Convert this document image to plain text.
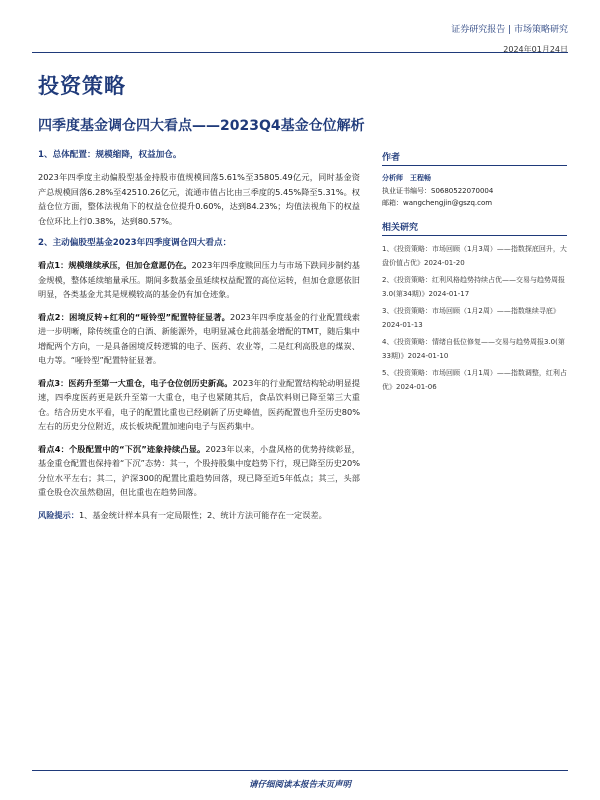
证券研究报告 | 市场策略研究
2024年01月24日
投资策略
四季度基金调仓四大看点——2023Q4基金仓位解析
1、总体配置：规模缩降，权益加仓。

2023年四季度主动偏股型基金持股市值规模回落5.61%至35805.49亿元，同时基金资产总规模回落6.28%至42510.26亿元，流通市值占比由三季度的5.45%降至5.31%。权益仓位方面，整体法视角下的权益仓位提升0.60%，达到84.23%；均值法视角下的权益仓位环比上行0.38%，达到80.57%。

2、主动偏股型基金2023年四季度调仓四大看点：

看点1：规模继续承压，但加仓意愿仍在。2023年四季度赎回压力与市场下跌同步制约基金规模，整体延续缩量承压。期间多数基金虽延续权益配置的高位运转，但加仓意愿依旧明显，各类基金尤其是规模较高的基金仍有加仓迹象。

看点2：困境反转+红利的“哑铃型”配置特征显著。2023年四季度基金的行业配置线索进一步明晰，除传统重仓的白酒、新能源外，电明显减仓此前基金增配的TMT，随后集中增配两个方向，一是具备困境反转逻辑的电子、医药、农业等，二是红利高股息的煤炭、电力等。“哑铃型”配置特征显著。

看点3：医药升至第一大重仓，电子仓位创历史新高。2023年的行业配置结构轮动明显提速，四季度医药更是跃升至第一大重仓，电子也紧随其后，食品饮料则已降至第三大重仓。结合历史水平看，电子的配置比重也已经刷新了历史峰值，医药配置也升至历史80%左右的历史分位附近，成长板块配置加速向电子与医药集中。

看点4：个股配置中的“下沉”迹象持续凸显。2023年以来，小盘风格的优势持续彰显，基金重仓配置也保持着“下沉”态势：其一，个股持股集中度趋势下行，现已降至历史20%分位水平左右；其二，沪深300的配置比重趋势回落，现已降至近5年低点；其三，头部重仓股仓次虽然稳固，但比重也在趋势回落。

风险提示：1、基金统计样本具有一定局限性；2、统计方法可能存在一定误差。

作者
分析师　王程畅
执业证书编号：S0680522070004
邮箱：wangchengjin@gszq.com
相关研究
1、《投资策略：市场回顾（1月3周）——指数探底回升，大盘价值占优》2024-01-20
2、《投资策略：红利风格趋势持续占优——交易与趋势周报3.0(第34期)》2024-01-17
3、《投资策略：市场回顾（1月2周）——指数继续寻底》2024-01-13
4、《投资策略：情绪自低位修复——交易与趋势周报3.0(第33期)》2024-01-10
5、《投资策略：市场回顾（1月1周）——指数调整，红利占优》2024-01-06
请仔细阅读本报告末页声明
